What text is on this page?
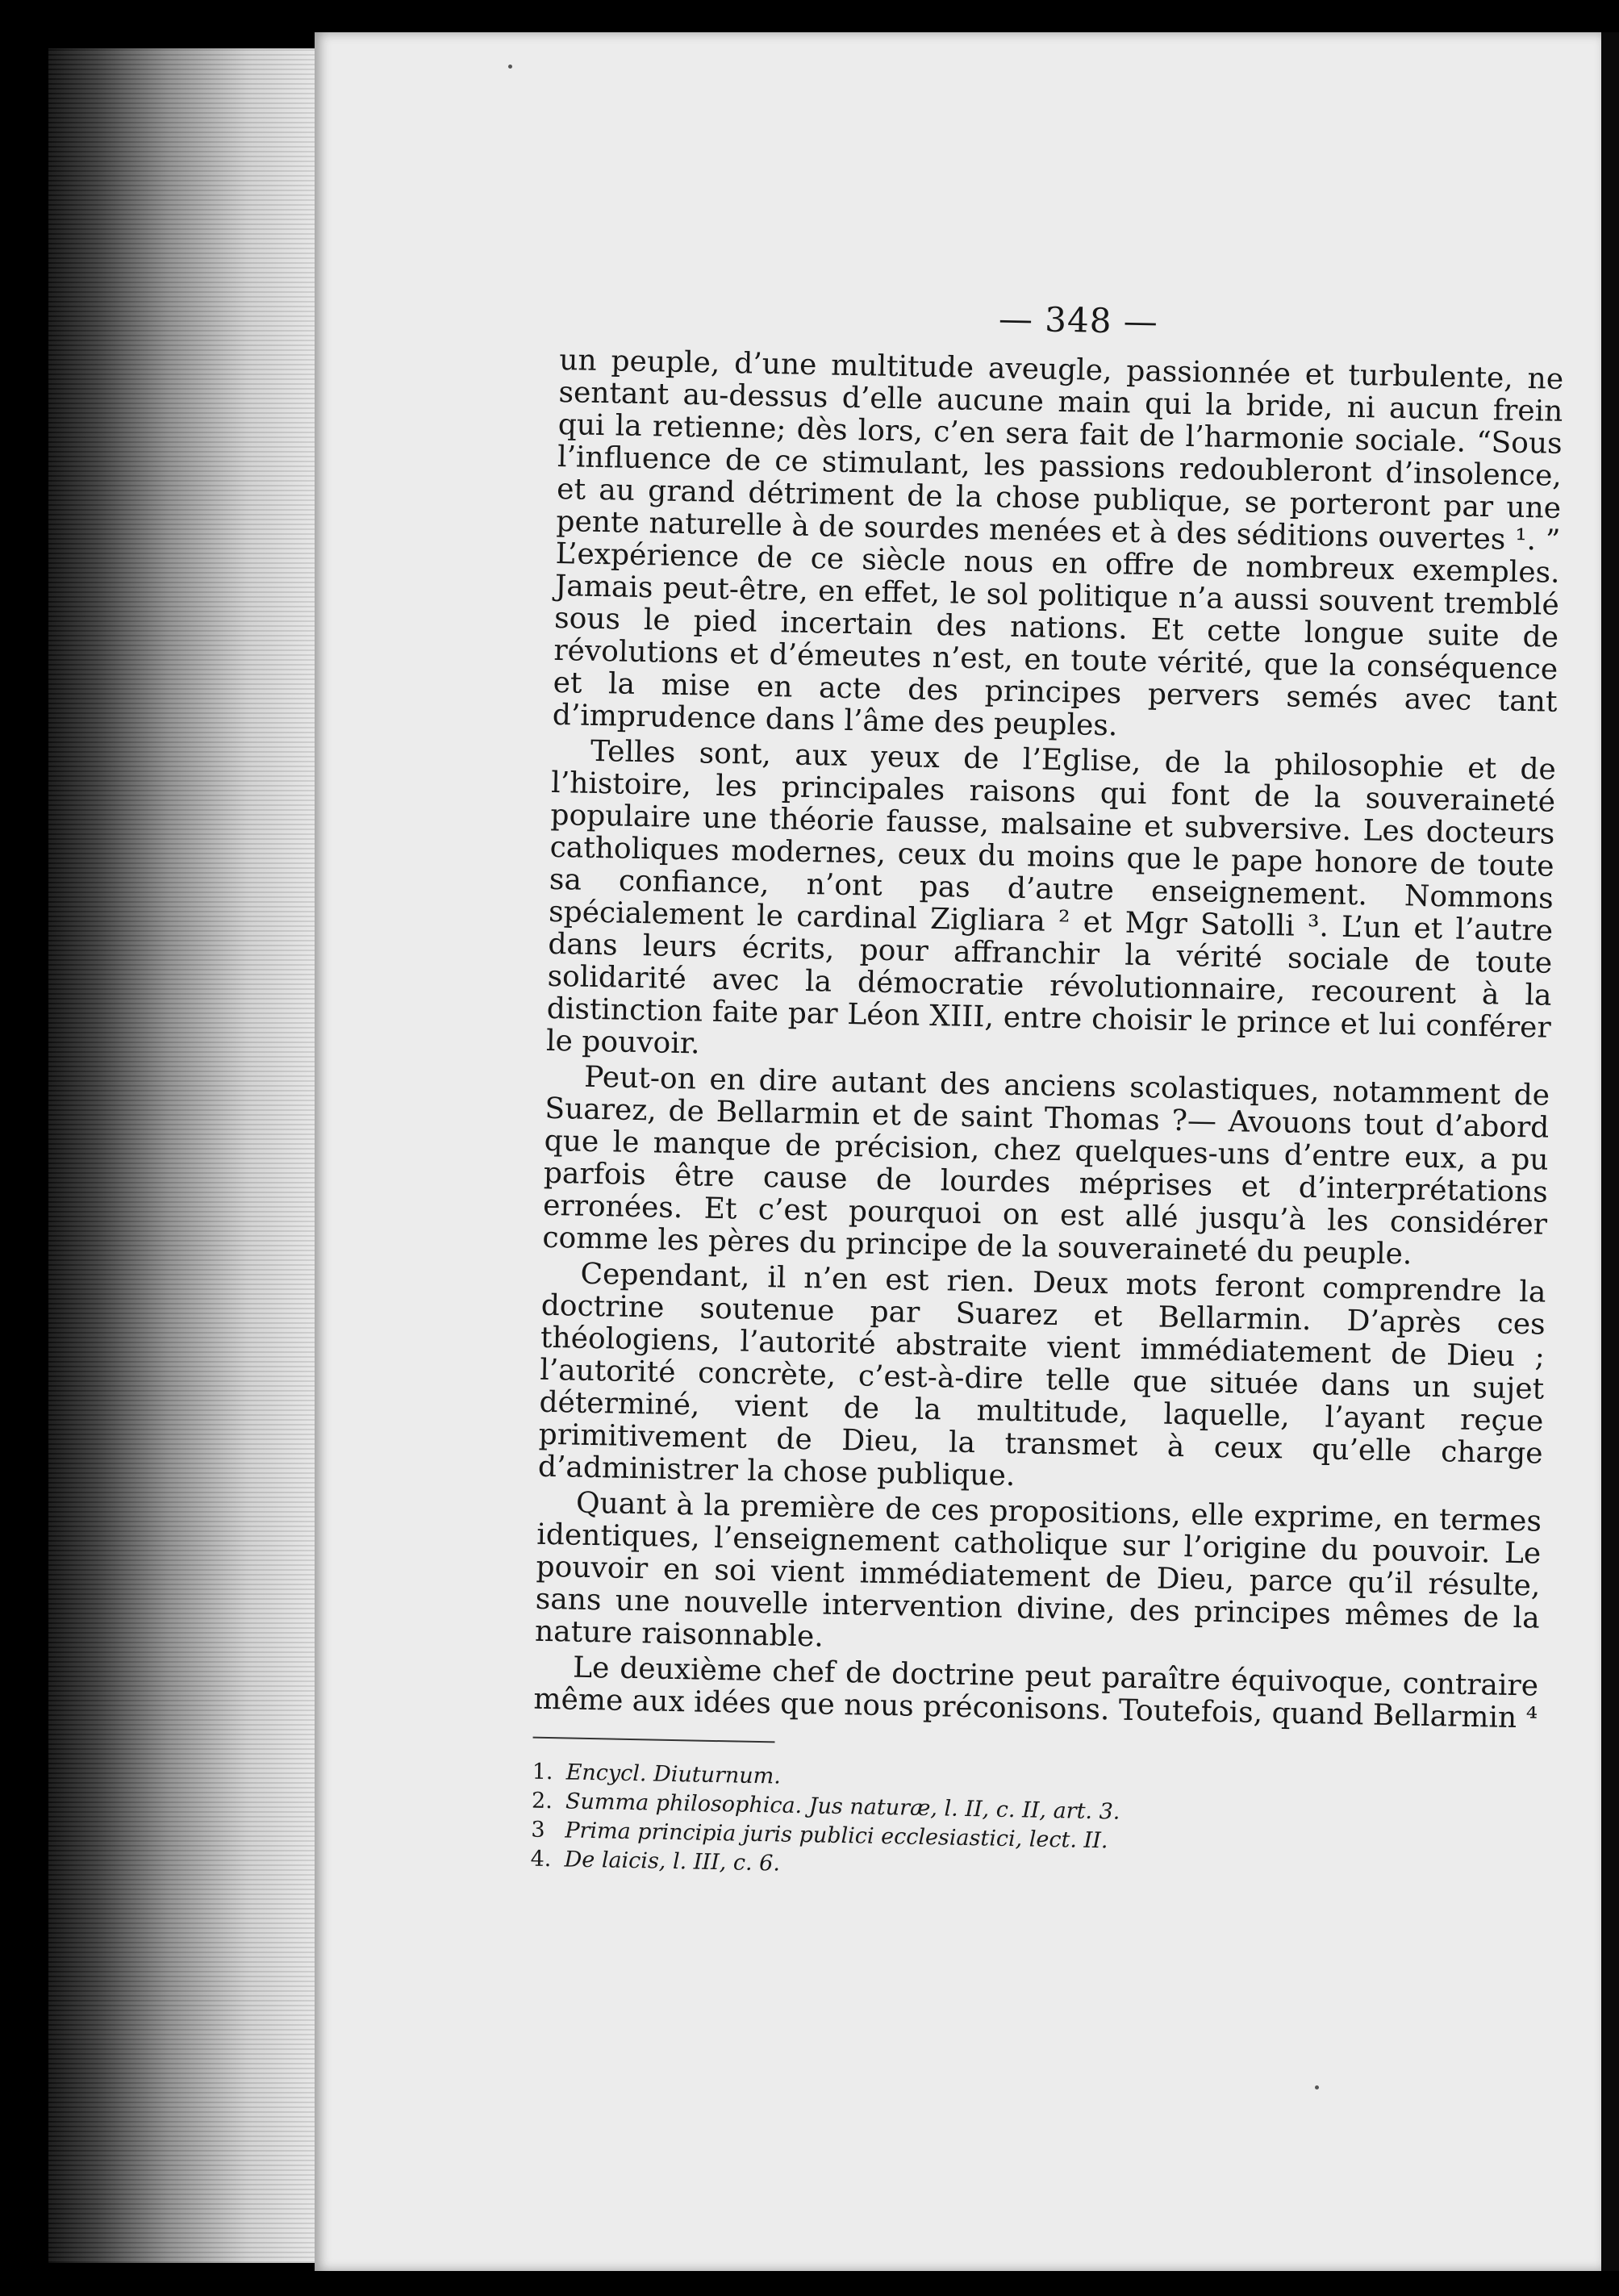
— 348 —
un peuple, d’une multitude aveugle, passionnée et turbulente, ne sentant au-dessus d’elle aucune main qui la bride, ni aucun frein qui la retienne; dès lors, c’en sera fait de l’harmonie sociale. “Sous l’influence de ce stimulant, les passions redoubleront d’insolence, et au grand détriment de la chose publique, se porteront par une pente naturelle à de sourdes menées et à des séditions ouvertes ¹. ” L’expérience de ce siècle nous en offre de nombreux exemples. Jamais peut-être, en effet, le sol politique n’a aussi souvent tremblé sous le pied incertain des nations. Et cette longue suite de révolutions et d’émeutes n’est, en toute vérité, que la conséquence et la mise en acte des principes pervers semés avec tant d’imprudence dans l’âme des peuples.
Telles sont, aux yeux de l’Eglise, de la philosophie et de l’histoire, les principales raisons qui font de la souveraineté populaire une théorie fausse, malsaine et subversive. Les docteurs catholiques modernes, ceux du moins que le pape honore de toute sa confiance, n’ont pas d’autre enseignement. Nommons spécialement le cardinal Zigliara ² et Mgr Satolli ³. L’un et l’autre dans leurs écrits, pour affranchir la vérité sociale de toute solidarité avec la démocratie révolutionnaire, recourent à la distinction faite par Léon XIII, entre choisir le prince et lui conférer le pouvoir.
Peut-on en dire autant des anciens scolastiques, notamment de Suarez, de Bellarmin et de saint Thomas ?— Avouons tout d’abord que le manque de précision, chez quelques-uns d’entre eux, a pu parfois être cause de lourdes méprises et d’interprétations erronées. Et c’est pourquoi on est allé jusqu’à les considérer comme les pères du principe de la souveraineté du peuple.
Cependant, il n’en est rien. Deux mots feront comprendre la doctrine soutenue par Suarez et Bellarmin. D’après ces théologiens, l’autorité abstraite vient immédiatement de Dieu ; l’autorité concrète, c’est-à-dire telle que située dans un sujet déterminé, vient de la multitude, laquelle, l’ayant reçue primitivement de Dieu, la transmet à ceux qu’elle charge d’administrer la chose publique.
Quant à la première de ces propositions, elle exprime, en termes identiques, l’enseignement catholique sur l’origine du pouvoir. Le pouvoir en soi vient immédiatement de Dieu, parce qu’il résulte, sans une nouvelle intervention divine, des principes mêmes de la nature raisonnable.
Le deuxième chef de doctrine peut paraître équivoque, contraire même aux idées que nous préconisons. Toutefois, quand Bellarmin ⁴
1. Encycl. Diuturnum.
2. Summa philosophica. Jus naturæ, l. II, c. II, art. 3.
3 Prima principia juris publici ecclesiastici, lect. II.
4. De laicis, l. III, c. 6.
